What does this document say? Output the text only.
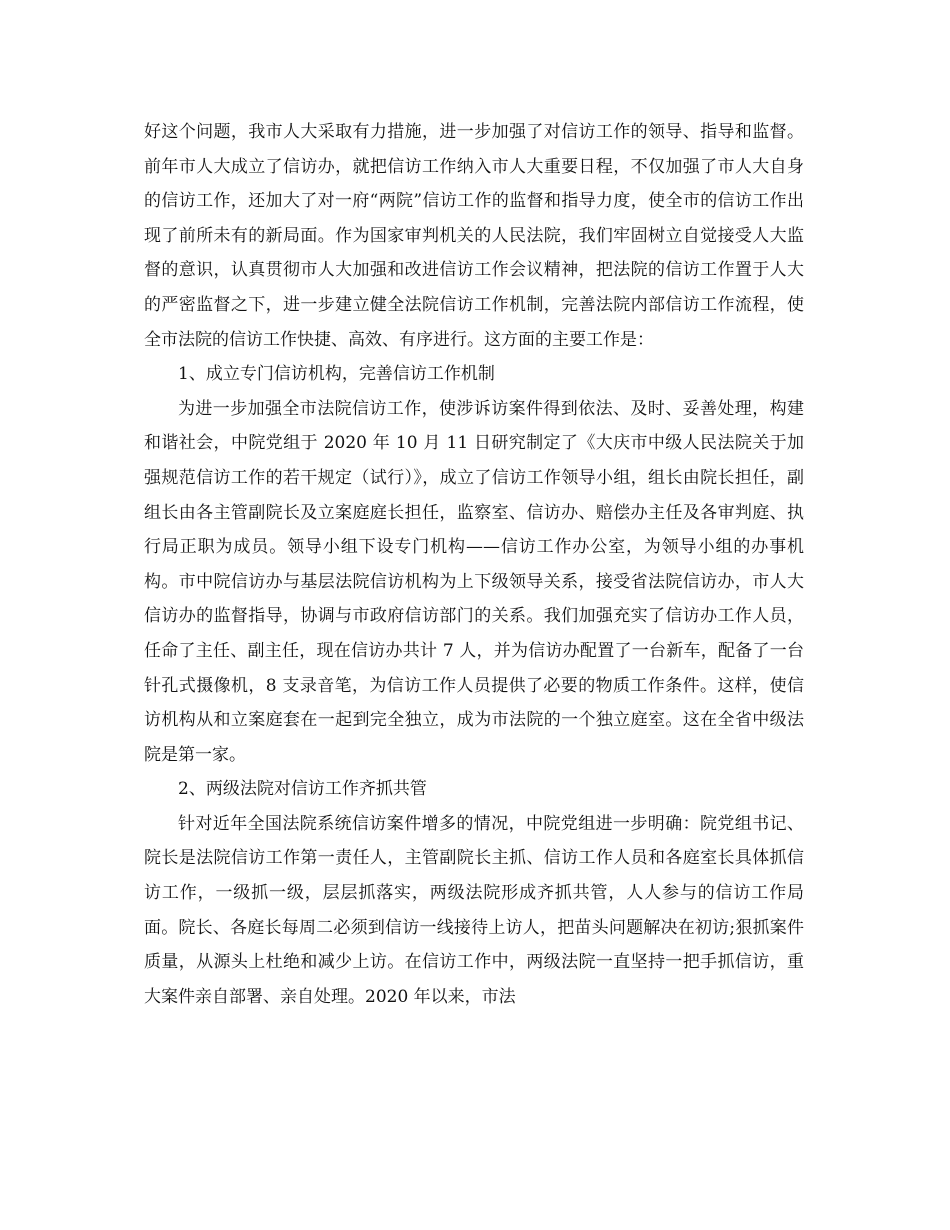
好这个问题，我市人大采取有力措施，进一步加强了对信访工作的领导、指导和监督。前年市人大成立了信访办，就把信访工作纳入市人大重要日程，不仅加强了市人大自身的信访工作，还加大了对一府“两院”信访工作的监督和指导力度，使全市的信访工作出现了前所未有的新局面。作为国家审判机关的人民法院，我们牢固树立自觉接受人大监督的意识，认真贯彻市人大加强和改进信访工作会议精神，把法院的信访工作置于人大的严密监督之下，进一步建立健全法院信访工作机制，完善法院内部信访工作流程，使全市法院的信访工作快捷、高效、有序进行。这方面的主要工作是：

1、成立专门信访机构，完善信访工作机制

为进一步加强全市法院信访工作，使涉诉访案件得到依法、及时、妥善处理，构建和谐社会，中院党组于 2020 年 10 月 11 日研究制定了《大庆市中级人民法院关于加强规范信访工作的若干规定（试行）》，成立了信访工作领导小组，组长由院长担任，副组长由各主管副院长及立案庭庭长担任，监察室、信访办、赔偿办主任及各审判庭、执行局正职为成员。领导小组下设专门机构——信访工作办公室，为领导小组的办事机构。市中院信访办与基层法院信访机构为上下级领导关系，接受省法院信访办，市人大信访办的监督指导，协调与市政府信访部门的关系。我们加强充实了信访办工作人员，任命了主任、副主任，现在信访办共计 7 人，并为信访办配置了一台新车，配备了一台针孔式摄像机，8 支录音笔，为信访工作人员提供了必要的物质工作条件。这样，使信访机构从和立案庭套在一起到完全独立，成为市法院的一个独立庭室。这在全省中级法院是第一家。

2、两级法院对信访工作齐抓共管

针对近年全国法院系统信访案件增多的情况，中院党组进一步明确：院党组书记、院长是法院信访工作第一责任人，主管副院长主抓、信访工作人员和各庭室长具体抓信访工作，一级抓一级，层层抓落实，两级法院形成齐抓共管，人人参与的信访工作局面。院长、各庭长每周二必须到信访一线接待上访人，把苗头问题解决在初访;狠抓案件质量，从源头上杜绝和减少上访。在信访工作中，两级法院一直坚持一把手抓信访，重大案件亲自部署、亲自处理。2020 年以来，市法
